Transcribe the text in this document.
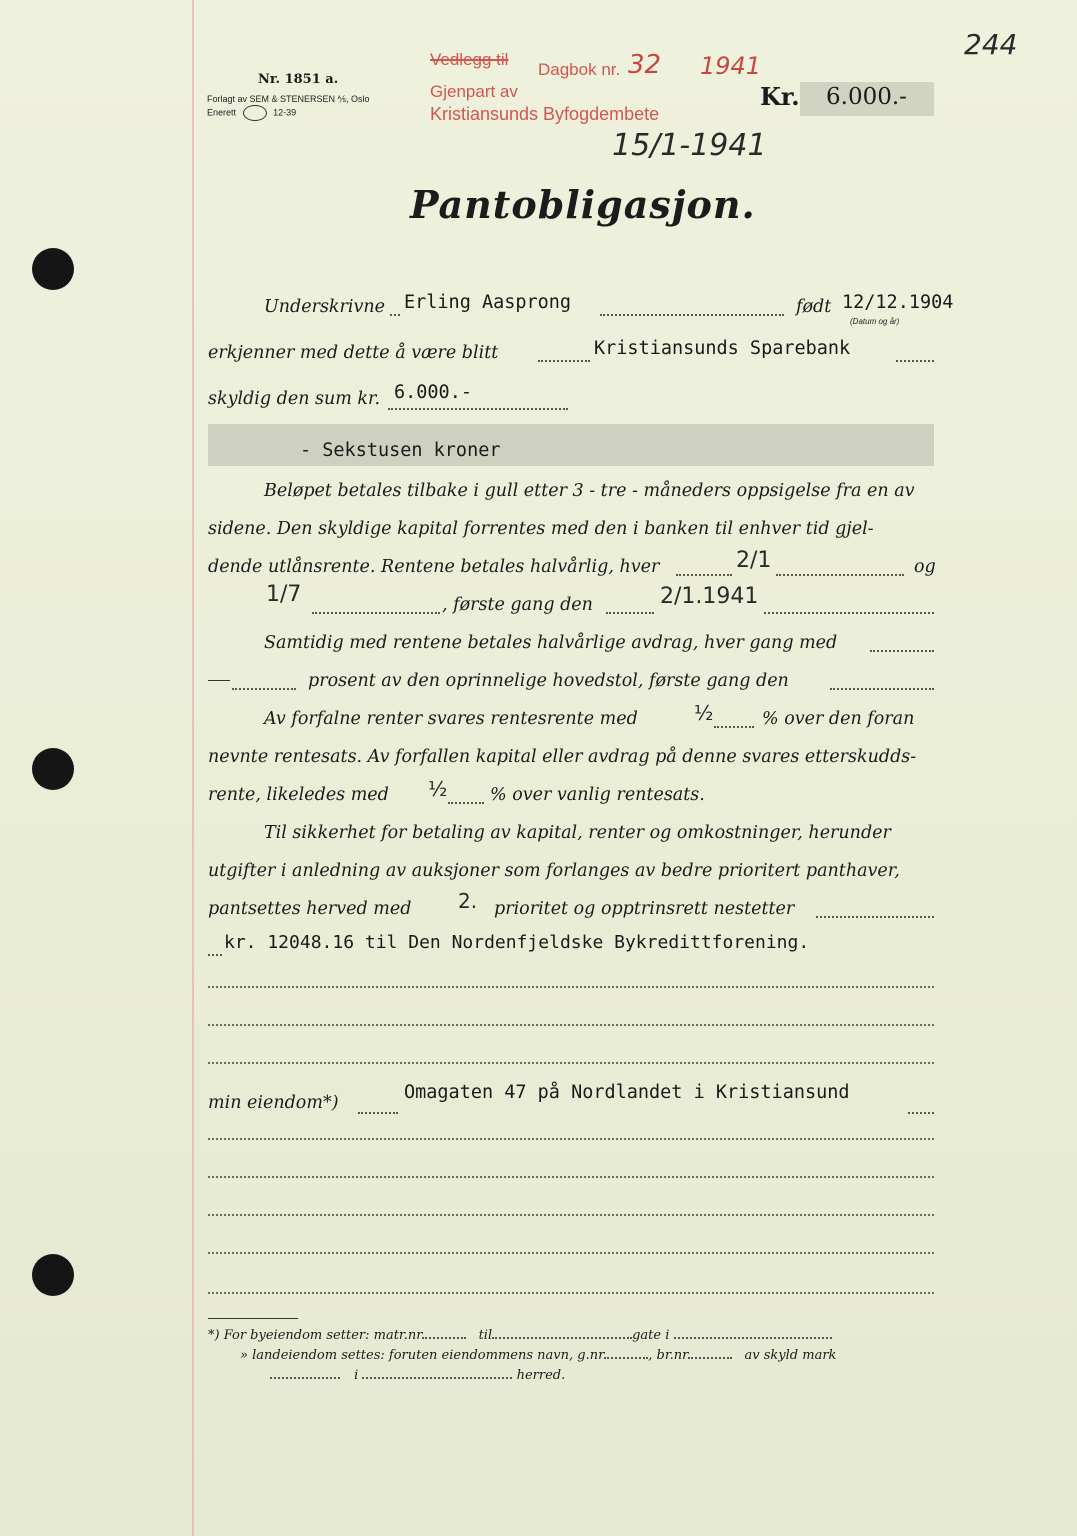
Nr. 1851 a.
Forlagt av SEM & STENERSEN ⅍, Oslo
Enerett	12-39
Vedlegg til
Dagbok nr. 32 1941
Gjenpart av
Kristiansunds Byfogdembete
15/1-1941
244
Kr. 6.000.-
Pantobligasjon.
Underskrivne Erling Aasprong	født 12/12.1904
(Datum og år)
erkjenner med dette å være blitt	Kristiansunds Sparebank
skyldig den sum kr. 6.000.-
- Sekstusen kroner
Beløpet betales tilbake i gull etter 3 - tre - måneders oppsigelse fra en av
sidene. Den skyldige kapital forrentes med den i banken til enhver tid gjel-
dende utlånsrente. Rentene betales halvårlig, hver	2/1	og
1/7	, første gang den	2/1.1941
Samtidig med rentene betales halvårlige avdrag, hver gang med
prosent av den oprinnelige hovedstol, første gang den
Av forfalne renter svares rentesrente med	½	% over den foran
nevnte rentesats. Av forfallen kapital eller avdrag på denne svares etterskudds-
rente, likeledes med ½ % over vanlig rentesats.
Til sikkerhet for betaling av kapital, renter og omkostninger, herunder
utgifter i anledning av auksjoner som forlanges av bedre prioritert panthaver,
pantsettes herved med 2. prioritet og opptrinsrett nestetter
kr. 12048.16 til Den Nordenfjeldske Bykredittforening.
min eiendom*)	Omagaten 47 på Nordlandet i Kristiansund
*) For byeiendom setter: matr.nr	til	gate i
» landeiendom settes: foruten eiendommens navn, g.nr	, br.nr	av skyld mark
i	herred.
